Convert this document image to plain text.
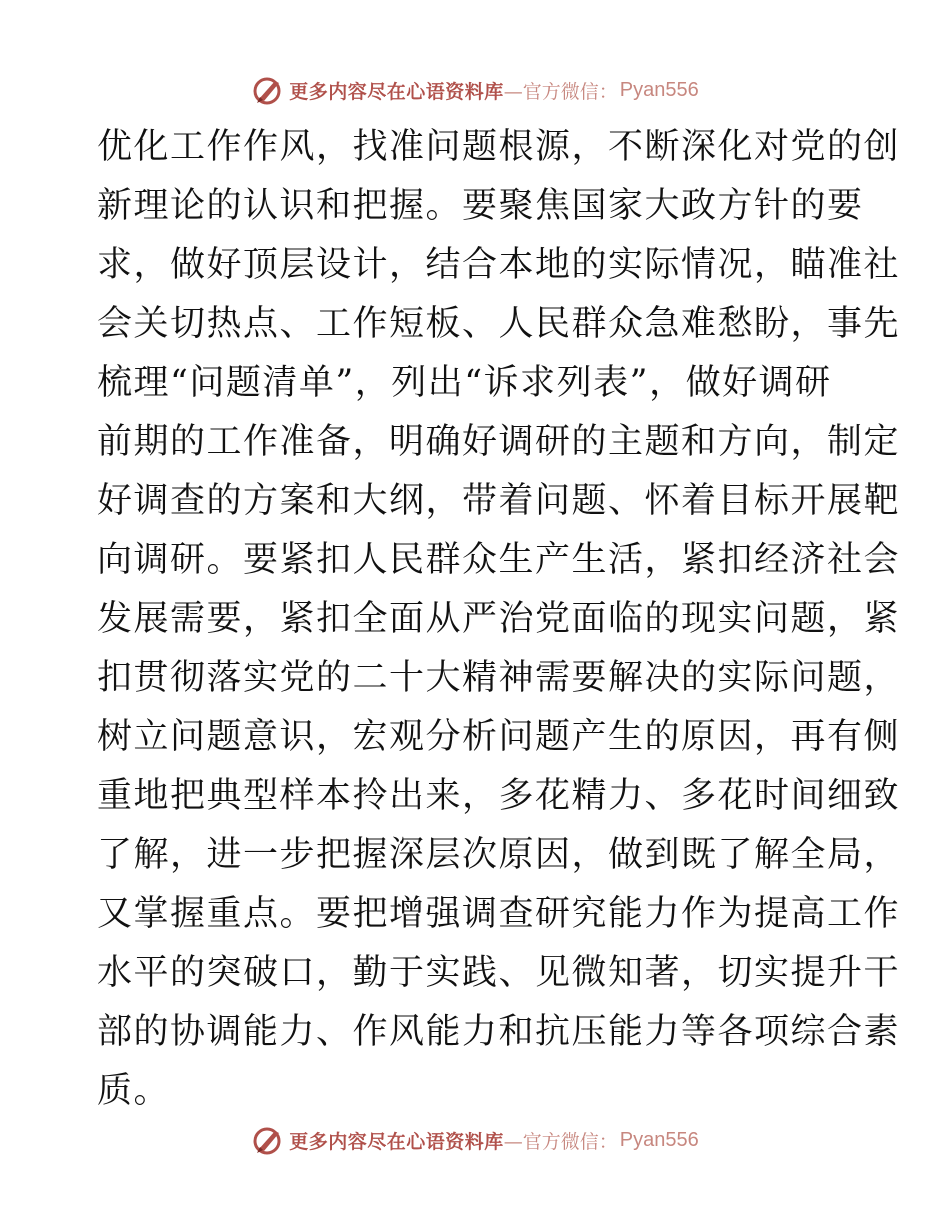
更多内容尽在心语资料库 —官方微信： Pyan556
优化工作作风，找准问题根源，不断深化对党的创
新理论的认识和把握。要聚焦国家大政方针的要
求，做好顶层设计，结合本地的实际情况，瞄准社
会关切热点、工作短板、人民群众急难愁盼，事先
梳理“问题清单”，列出“诉求列表”，做好调研
前期的工作准备，明确好调研的主题和方向，制定
好调查的方案和大纲，带着问题、怀着目标开展靶
向调研。要紧扣人民群众生产生活，紧扣经济社会
发展需要，紧扣全面从严治党面临的现实问题，紧
扣贯彻落实党的二十大精神需要解决的实际问题，
树立问题意识，宏观分析问题产生的原因，再有侧
重地把典型样本拎出来，多花精力、多花时间细致
了解，进一步把握深层次原因，做到既了解全局，
又掌握重点。要把增强调查研究能力作为提高工作
水平的突破口，勤于实践、见微知著，切实提升干
部的协调能力、作风能力和抗压能力等各项综合素
质。
更多内容尽在心语资料库 —官方微信： Pyan556
